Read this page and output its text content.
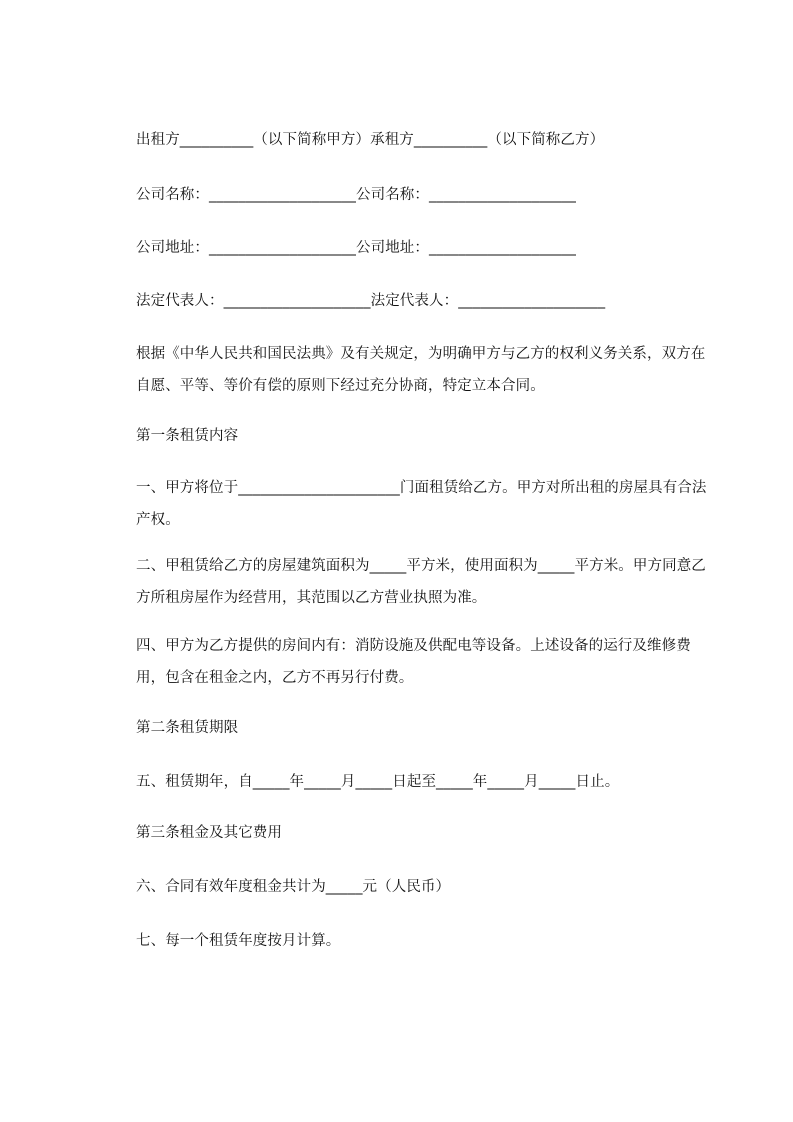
出租方__________（以下简称甲方）承租方__________（以下简称乙方）
公司名称：____________________公司名称：____________________
公司地址：____________________公司地址：____________________
法定代表人：____________________法定代表人：____________________
根据《中华人民共和国民法典》及有关规定，为明确甲方与乙方的权利义务关系，双方在自愿、平等、等价有偿的原则下经过充分协商，特定立本合同。
第一条租赁内容
一、甲方将位于______________________门面租赁给乙方。甲方对所出租的房屋具有合法产权。
二、甲租赁给乙方的房屋建筑面积为_____平方米，使用面积为_____平方米。甲方同意乙方所租房屋作为经营用，其范围以乙方营业执照为准。
四、甲方为乙方提供的房间内有：消防设施及供配电等设备。上述设备的运行及维修费用，包含在租金之内，乙方不再另行付费。
第二条租赁期限
五、租赁期年，自_____年_____月_____日起至_____年_____月_____日止。
第三条租金及其它费用
六、合同有效年度租金共计为_____元（人民币）
七、每一个租赁年度按月计算。
